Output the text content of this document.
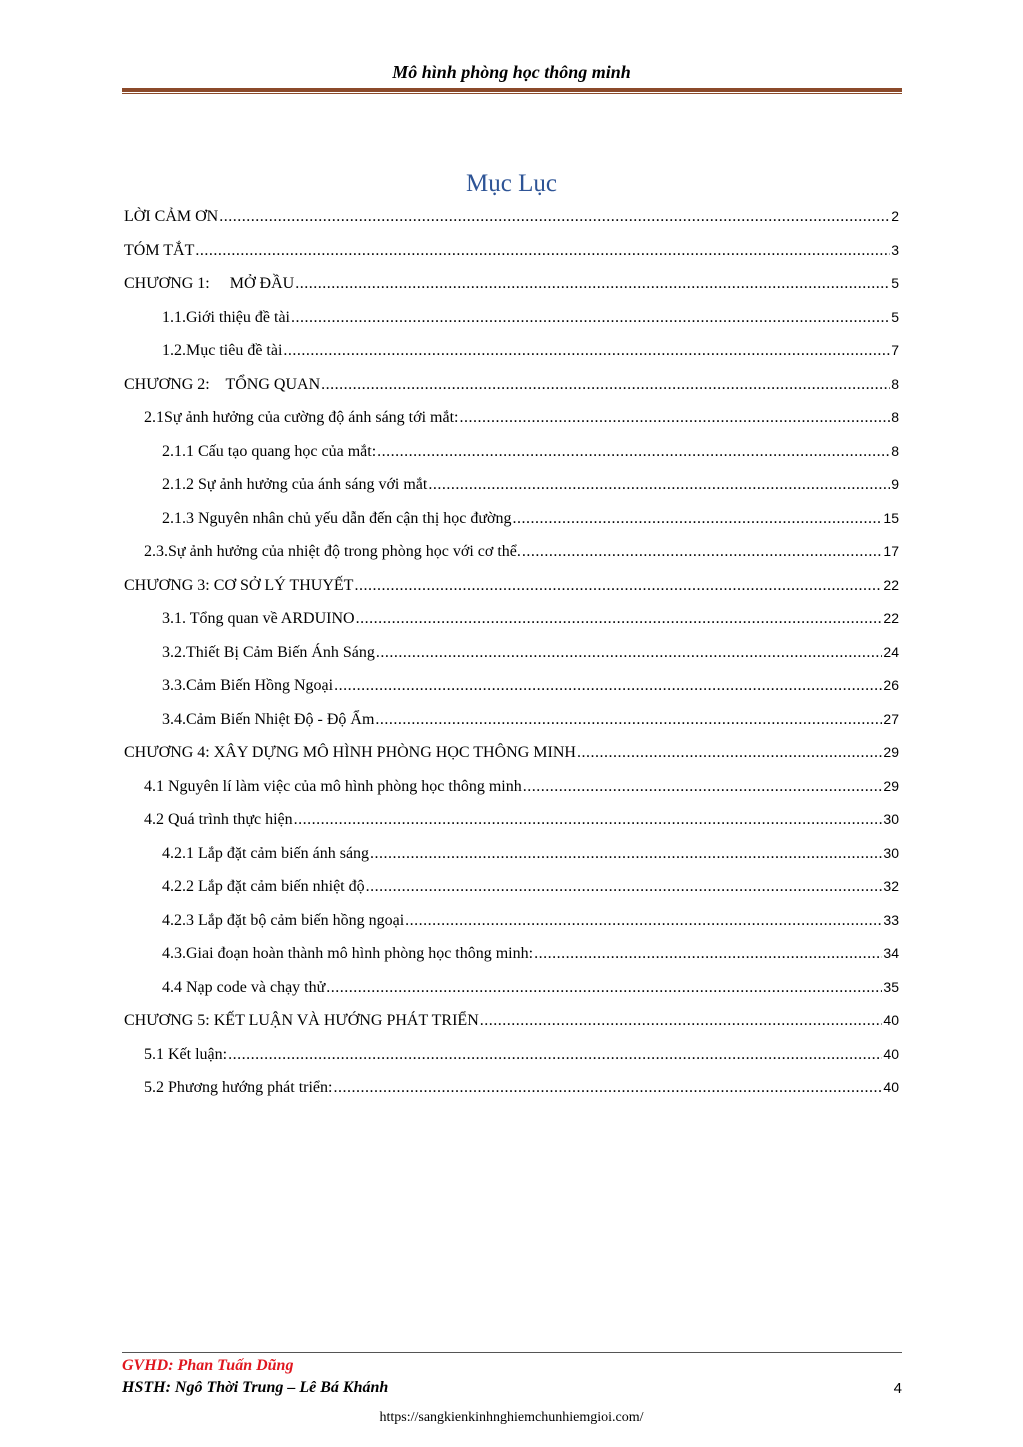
Mô hình phòng học thông minh
Mục Lục
LỜI CẢM ƠN .....	2
TÓM TẮT .....	3
CHƯƠNG 1:     MỞ ĐẦU .....	5
1.1.Giới thiệu đề tài .....	5
1.2.Mục tiêu đề tài .....	7
CHƯƠNG 2:    TỔNG QUAN .....	8
2.1Sự ảnh hưởng của cường độ ánh sáng tới mắt: .....	8
2.1.1 Cấu tạo quang học của mắt: .....	8
2.1.2 Sự ảnh hưởng của ánh sáng với mắt .....	9
2.1.3 Nguyên nhân chủ yếu dẫn đến cận thị học đường .....	15
2.3.Sự ảnh hưởng của nhiệt độ trong phòng học với cơ thể. .....	17
CHƯƠNG 3: CƠ SỞ LÝ THUYẾT .....	22
3.1. Tổng quan về ARDUINO .....	22
3.2.Thiết Bị Cảm Biến Ánh Sáng .....	24
3.3.Cảm Biến Hồng Ngoại .....	26
3.4.Cảm Biến Nhiệt Độ - Độ Ẩm .....	27
CHƯƠNG 4: XÂY DỰNG MÔ HÌNH PHÒNG HỌC THÔNG MINH .....	29
4.1 Nguyên lí làm việc của mô hình phòng học thông minh .....	29
4.2 Quá trình thực hiện .....	30
4.2.1 Lắp đặt cảm biến ánh sáng .....	30
4.2.2 Lắp đặt cảm biến nhiệt độ .....	32
4.2.3 Lắp đặt bộ cảm biến hồng ngoại .....	33
4.3.Giai đoạn hoàn thành mô hình phòng học thông minh: .....	34
4.4 Nạp code và chạy thử .....	35
CHƯƠNG 5: KẾT LUẬN VÀ HƯỚNG PHÁT TRIỂN .....	40
5.1 Kết luận: .....	40
5.2 Phương hướng phát triển: .....	40
GVHD: Phan Tuấn Dũng
HSTH: Ngô Thời Trung – Lê Bá Khánh	4
https://sangkienkinhnghiemchunhiemgioi.com/
